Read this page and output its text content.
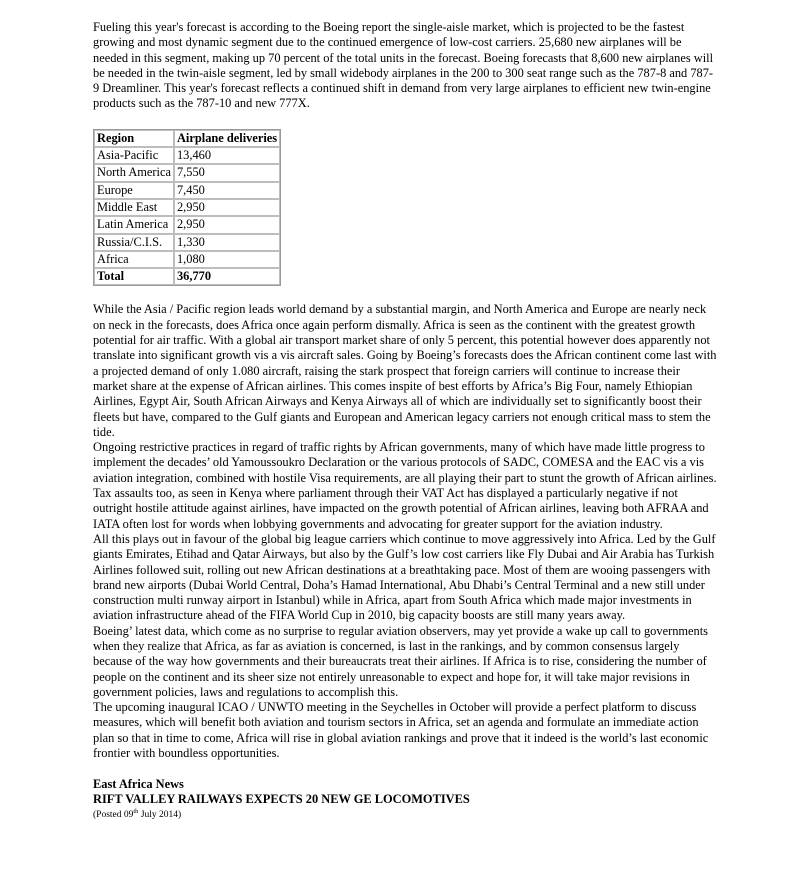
Fueling this year's forecast is according to the Boeing report the single-aisle market, which is projected to be the fastest growing and most dynamic segment due to the continued emergence of low-cost carriers. 25,680 new airplanes will be needed in this segment, making up 70 percent of the total units in the forecast. Boeing forecasts that 8,600 new airplanes will be needed in the twin-aisle segment, led by small widebody airplanes in the 200 to 300 seat range such as the 787-8 and 787-9 Dreamliner. This year's forecast reflects a continued shift in demand from very large airplanes to efficient new twin-engine products such as the 787-10 and new 777X.

Region	Airplane deliveries
Asia-Pacific	13,460
North America	7,550
Europe	7,450
Middle East	2,950
Latin America	2,950
Russia/C.I.S.	1,330
Africa	1,080
Total	36,770

While the Asia / Pacific region leads world demand by a substantial margin, and North America and Europe are nearly neck on neck in the forecasts, does Africa once again perform dismally. Africa is seen as the continent with the greatest growth potential for air traffic. With a global air transport market share of only 5 percent, this potential however does apparently not translate into significant growth vis a vis aircraft sales. Going by Boeing’s forecasts does the African continent come last with a projected demand of only 1.080 aircraft, raising the stark prospect that foreign carriers will continue to increase their market share at the expense of African airlines. This comes inspite of best efforts by Africa’s Big Four, namely Ethiopian Airlines, Egypt Air, South African Airways and Kenya Airways all of which are individually set to significantly boost their fleets but have, compared to the Gulf giants and European and American legacy carriers not enough critical mass to stem the tide.

Ongoing restrictive practices in regard of traffic rights by African governments, many of which have made little progress to implement the decades’ old Yamoussoukro Declaration or the various protocols of SADC, COMESA and the EAC vis a vis aviation integration, combined with hostile Visa requirements, are all playing their part to stunt the growth of African airlines. Tax assaults too, as seen in Kenya where parliament through their VAT Act has displayed a particularly negative if not outright hostile attitude against airlines, have impacted on the growth potential of African airlines, leaving both AFRAA and IATA often lost for words when lobbying governments and advocating for greater support for the aviation industry.

All this plays out in favour of the global big league carriers which continue to move aggressively into Africa. Led by the Gulf giants Emirates, Etihad and Qatar Airways, but also by the Gulf’s low cost carriers like Fly Dubai and Air Arabia has Turkish Airlines followed suit, rolling out new African destinations at a breathtaking pace. Most of them are wooing passengers with brand new airports (Dubai World Central, Doha’s Hamad International, Abu Dhabi’s Central Terminal and a new still under construction multi runway airport in Istanbul) while in Africa, apart from South Africa which made major investments in aviation infrastructure ahead of the FIFA World Cup in 2010, big capacity boosts are still many years away.

Boeing’ latest data, which come as no surprise to regular aviation observers, may yet provide a wake up call to governments when they realize that Africa, as far as aviation is concerned, is last in the rankings, and by common consensus largely because of the way how governments and their bureaucrats treat their airlines. If Africa is to rise, considering the number of people on the continent and its sheer size not entirely unreasonable to expect and hope for, it will take major revisions in government policies, laws and regulations to accomplish this.

The upcoming inaugural ICAO / UNWTO meeting in the Seychelles in October will provide a perfect platform to discuss measures, which will benefit both aviation and tourism sectors in Africa, set an agenda and formulate an immediate action plan so that in time to come, Africa will rise in global aviation rankings and prove that it indeed is the world’s last economic frontier with boundless opportunities.

East Africa News
RIFT VALLEY RAILWAYS EXPECTS 20 NEW GE LOCOMOTIVES
(Posted 09th July 2014)
